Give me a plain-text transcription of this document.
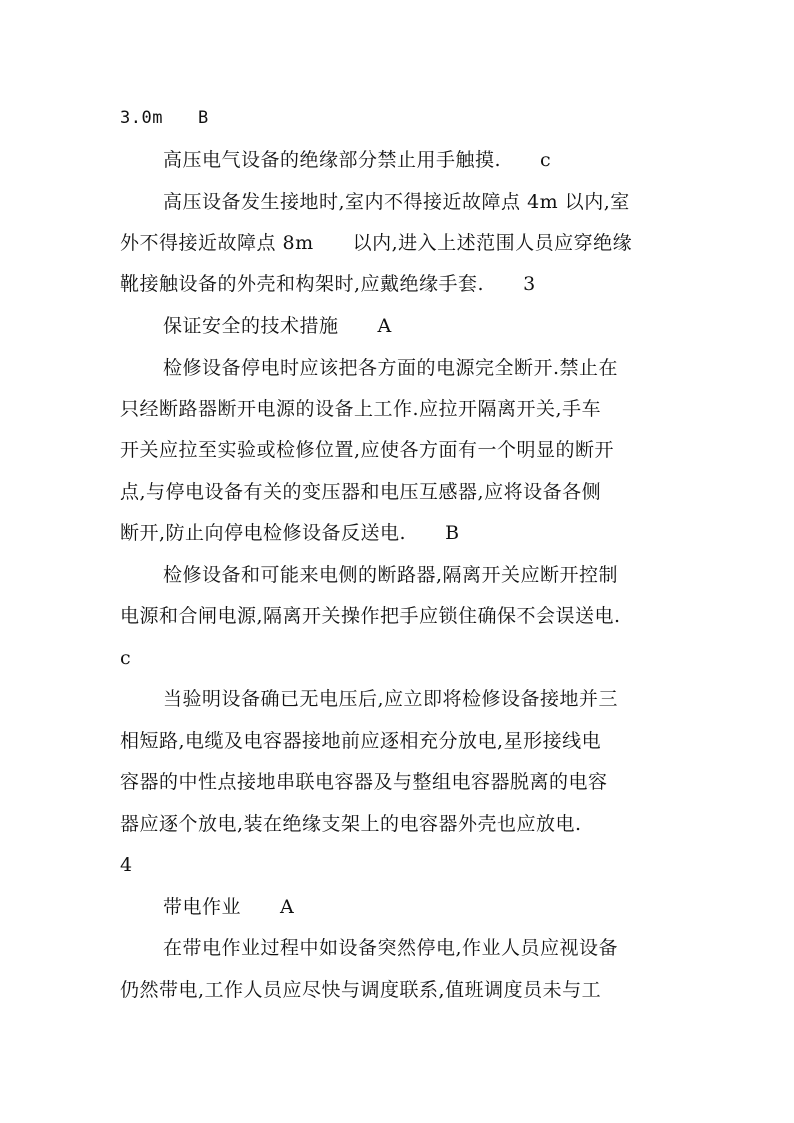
3.0m　　B
高压电气设备的绝缘部分禁止用手触摸.　　c
高压设备发生接地时,室内不得接近故障点 4m 以内,室
外不得接近故障点 8m　　以内,进入上述范围人员应穿绝缘
靴接触设备的外壳和构架时,应戴绝缘手套.　　3
保证安全的技术措施　　A
检修设备停电时应该把各方面的电源完全断开.禁止在
只经断路器断开电源的设备上工作.应拉开隔离开关,手车
开关应拉至实验或检修位置,应使各方面有一个明显的断开
点,与停电设备有关的变压器和电压互感器,应将设备各侧
断开,防止向停电检修设备反送电.　　B
检修设备和可能来电侧的断路器,隔离开关应断开控制
电源和合闸电源,隔离开关操作把手应锁住确保不会误送电.
c
当验明设备确已无电压后,应立即将检修设备接地并三
相短路,电缆及电容器接地前应逐相充分放电,星形接线电
容器的中性点接地串联电容器及与整组电容器脱离的电容
器应逐个放电,装在绝缘支架上的电容器外壳也应放电.
4
带电作业　　A
在带电作业过程中如设备突然停电,作业人员应视设备
仍然带电,工作人员应尽快与调度联系,值班调度员未与工
